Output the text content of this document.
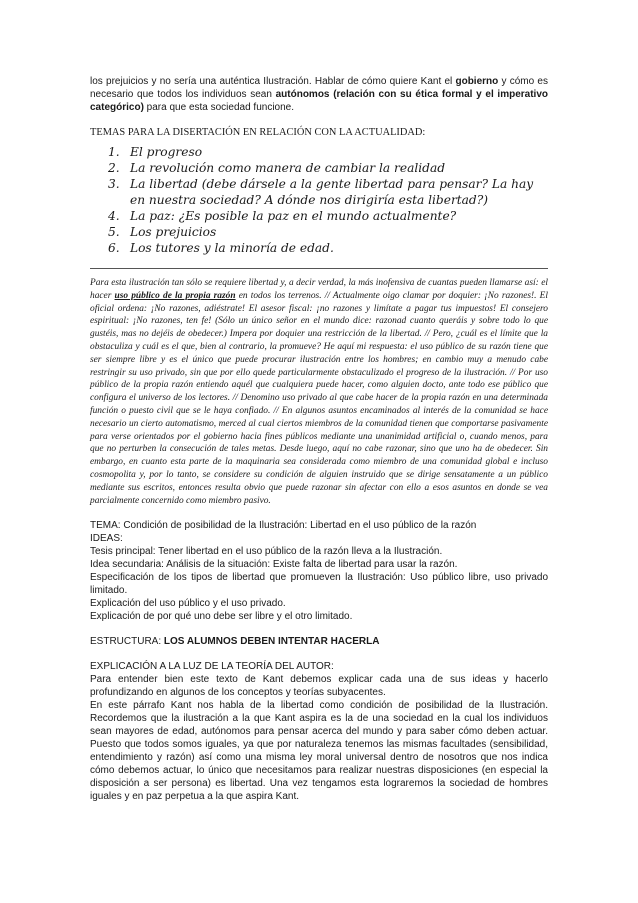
los prejuicios y no sería una auténtica Ilustración. Hablar de cómo quiere Kant el gobierno y cómo es necesario que todos los individuos sean autónomos (relación con su ética formal y el imperativo categórico) para que esta sociedad funcione.

TEMAS PARA LA DISERTACIÓN EN RELACIÓN CON LA ACTUALIDAD:

1. El progreso
2. La revolución como manera de cambiar la realidad
3. La libertad (debe dársele a la gente libertad para pensar? La hay en nuestra sociedad? A dónde nos dirigiría esta libertad?)
4. La paz: ¿Es posible la paz en el mundo actualmente?
5. Los prejuicios
6. Los tutores y la minoría de edad.

Para esta ilustración tan sólo se requiere libertad y, a decir verdad, la más inofensiva de cuantas pueden llamarse así: el hacer uso público de la propia razón en todos los terrenos. // Actualmente oigo clamar por doquier: ¡No razones!. El oficial ordena: ¡No razones, adiéstrate! El asesor fiscal: ¡no razones y limítate a pagar tus impuestos! El consejero espiritual: ¡No razones, ten fe! (Sólo un único señor en el mundo dice: razonad cuanto queráis y sobre todo lo que gustéis, mas no dejéis de obedecer.) Impera por doquier una restricción de la libertad. // Pero, ¿cuál es el límite que la obstaculiza y cuál es el que, bien al contrario, la promueve? He aquí mi respuesta: el uso público de su razón tiene que ser siempre libre y es el único que puede procurar ilustración entre los hombres; en cambio muy a menudo cabe restringir su uso privado, sin que por ello quede particularmente obstaculizado el progreso de la ilustración. // Por uso público de la propia razón entiendo aquél que cualquiera puede hacer, como alguien docto, ante todo ese público que configura el universo de los lectores. // Denomino uso privado al que cabe hacer de la propia razón en una determinada función o puesto civil que se le haya confiado. // En algunos asuntos encaminados al interés de la comunidad se hace necesario un cierto automatismo, merced al cual ciertos miembros de la comunidad tienen que comportarse pasivamente para verse orientados por el gobierno hacia fines públicos mediante una unanimidad artificial o, cuando menos, para que no perturben la consecución de tales metas. Desde luego, aquí no cabe razonar, sino que uno ha de obedecer. Sin embargo, en cuanto esta parte de la maquinaria sea considerada como miembro de una comunidad global e incluso cosmopolita y, por lo tanto, se considere su condición de alguien instruido que se dirige sensatamente a un público mediante sus escritos, entonces resulta obvio que puede razonar sin afectar con ello a esos asuntos en donde se vea parcialmente concernido como miembro pasivo.

TEMA: Condición de posibilidad de la Ilustración: Libertad en el uso público de la razón

IDEAS:

Tesis principal: Tener libertad en el uso público de la razón lleva a la Ilustración.

Idea secundaria: Análisis de la situación: Existe falta de libertad para usar la razón.

Especificación de los tipos de libertad que promueven la Ilustración: Uso público libre, uso privado limitado.

Explicación del uso público y el uso privado.

Explicación de por qué uno debe ser libre y el otro limitado.

ESTRUCTURA: LOS ALUMNOS DEBEN INTENTAR HACERLA

EXPLICACIÓN A LA LUZ DE LA TEORÍA DEL AUTOR:

Para entender bien este texto de Kant debemos explicar cada una de sus ideas y hacerlo profundizando en algunos de los conceptos y teorías subyacentes.

En este párrafo Kant nos habla de la libertad como condición de posibilidad de la Ilustración. Recordemos que la ilustración a la que Kant aspira es la de una sociedad en la cual los individuos sean mayores de edad, autónomos para pensar acerca del mundo y para saber cómo deben actuar. Puesto que todos somos iguales, ya que por naturaleza tenemos las mismas facultades (sensibilidad, entendimiento y razón) así como una misma ley moral universal dentro de nosotros que nos indica cómo debemos actuar, lo único que necesitamos para realizar nuestras disposiciones (en especial la disposición a ser persona) es libertad. Una vez tengamos esta lograremos la sociedad de hombres iguales y en paz perpetua a la que aspira Kant.
